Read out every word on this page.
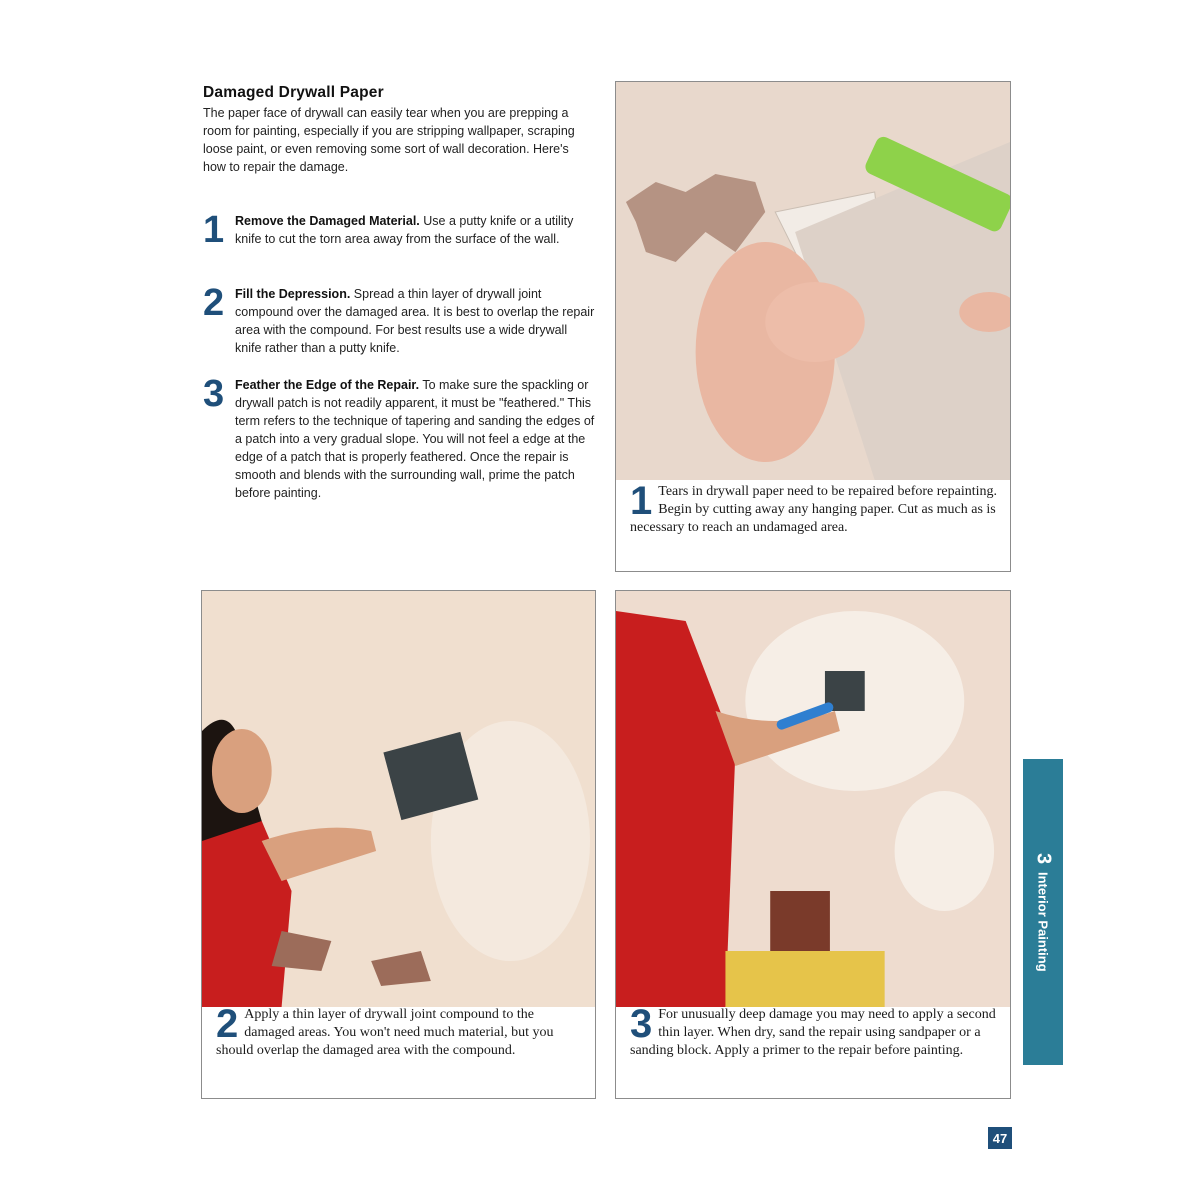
Damaged Drywall Paper

The paper face of drywall can easily tear when you are prepping a room for painting, especially if you are stripping wallpaper, scraping loose paint, or even removing some sort of wall decoration. Here's how to repair the damage.

1 Remove the Damaged Material. Use a putty knife or a utility knife to cut the torn area away from the surface of the wall.

2 Fill the Depression. Spread a thin layer of drywall joint compound over the damaged area. It is best to overlap the repair area with the compound. For best results use a wide drywall knife rather than a putty knife.

3 Feather the Edge of the Repair. To make sure the spackling or drywall patch is not readily apparent, it must be "feathered." This term refers to the technique of tapering and sanding the edges of a patch into a very gradual slope. You will not feel a edge at the edge of a patch that is properly feathered. Once the repair is smooth and blends with the surrounding wall, prime the patch before painting.	1 Tears in drywall paper need to be repaired before repainting. Begin by cutting away any hanging paper. Cut as much as is necessary to reach an undamaged area.

2 Apply a thin layer of drywall joint compound to the damaged areas. You won't need much material, but you should overlap the damaged area with the compound.

3 For unusually deep damage you may need to apply a second thin layer. When dry, sand the repair using sandpaper or a sanding block. Apply a primer to the repair before painting.

3
Interior Painting
47
